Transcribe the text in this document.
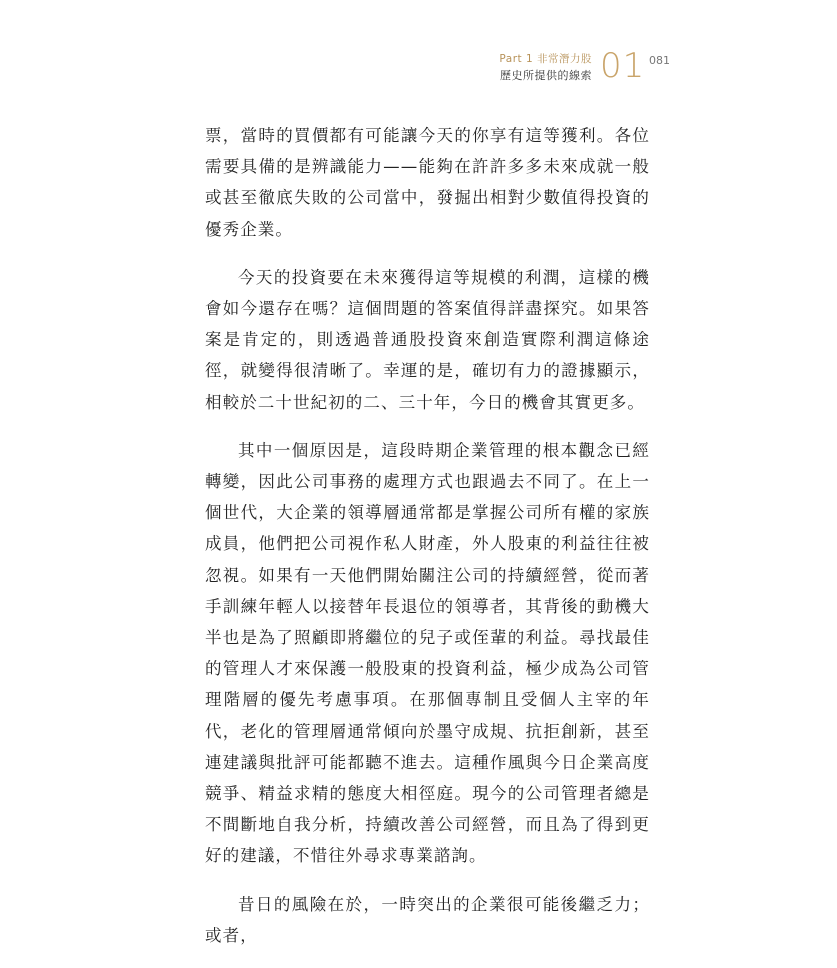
Part 1 非常潛力股
歷史所提供的線索 01 081

票，當時的買價都有可能讓今天的你享有這等獲利。各位需要具備的是辨識能力——能夠在許許多多未來成就一般或甚至徹底失敗的公司當中，發掘出相對少數值得投資的優秀企業。

今天的投資要在未來獲得這等規模的利潤，這樣的機會如今還存在嗎？這個問題的答案值得詳盡探究。如果答案是肯定的，則透過普通股投資來創造實際利潤這條途徑，就變得很清晰了。幸運的是，確切有力的證據顯示，相較於二十世紀初的二、三十年，今日的機會其實更多。

其中一個原因是，這段時期企業管理的根本觀念已經轉變，因此公司事務的處理方式也跟過去不同了。在上一個世代，大企業的領導層通常都是掌握公司所有權的家族成員，他們把公司視作私人財產，外人股東的利益往往被忽視。如果有一天他們開始關注公司的持續經營，從而著手訓練年輕人以接替年長退位的領導者，其背後的動機大半也是為了照顧即將繼位的兒子或侄輩的利益。尋找最佳的管理人才來保護一般股東的投資利益，極少成為公司管理階層的優先考慮事項。在那個專制且受個人主宰的年代，老化的管理層通常傾向於墨守成規、抗拒創新，甚至連建議與批評可能都聽不進去。這種作風與今日企業高度競爭、精益求精的態度大相徑庭。現今的公司管理者總是不間斷地自我分析，持續改善公司經營，而且為了得到更好的建議，不惜往外尋求專業諮詢。

昔日的風險在於，一時突出的企業很可能後繼乏力；或者，
